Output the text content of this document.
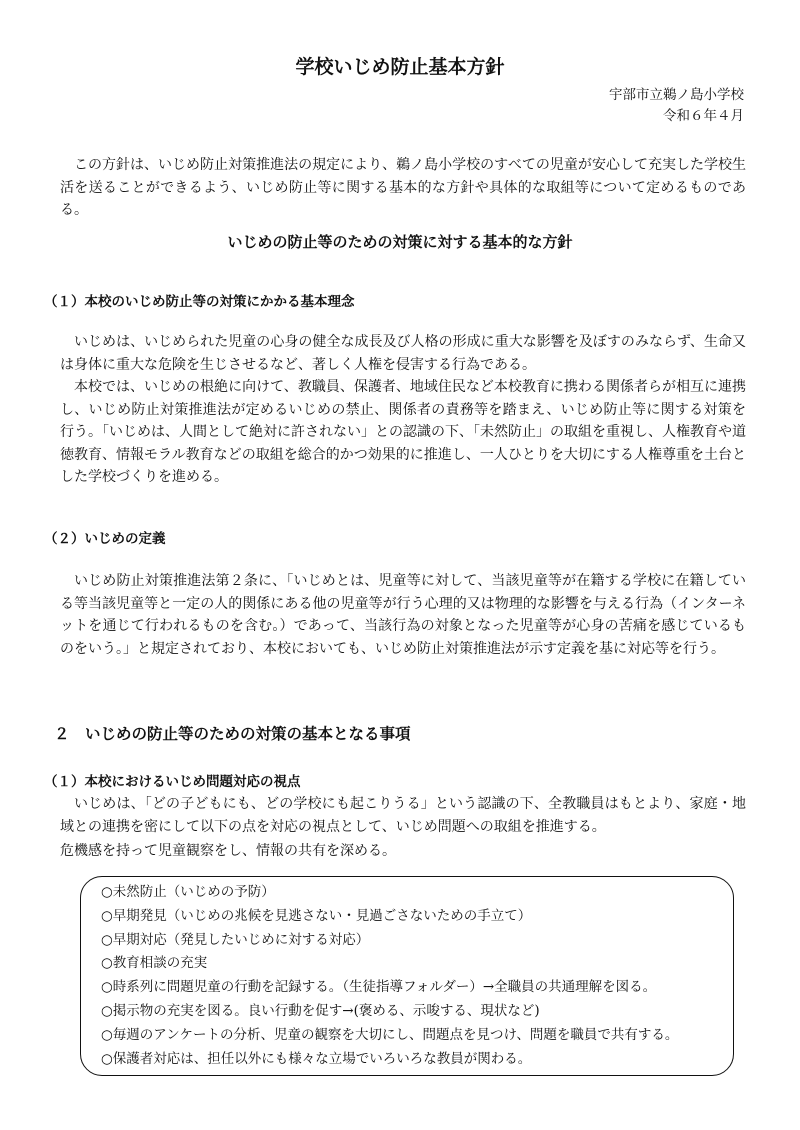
学校いじめ防止基本方針
宇部市立鵜ノ島小学校
令和６年４月

この方針は、いじめ防止対策推進法の規定により、鵜ノ島小学校のすべての児童が安心して充実した学校生活を送ることができるよう、いじめ防止等に関する基本的な方針や具体的な取組等について定めるものである。

いじめの防止等のための対策に対する基本的な方針
（１）本校のいじめ防止等の対策にかかる基本理念

いじめは、いじめられた児童の心身の健全な成長及び人格の形成に重大な影響を及ぼすのみならず、生命又は身体に重大な危険を生じさせるなど、著しく人権を侵害する行為である。

本校では、いじめの根絶に向けて、教職員、保護者、地域住民など本校教育に携わる関係者らが相互に連携し、いじめ防止対策推進法が定めるいじめの禁止、関係者の責務等を踏まえ、いじめ防止等に関する対策を行う。「いじめは、人間として絶対に許されない」との認識の下、「未然防止」の取組を重視し、人権教育や道徳教育、情報モラル教育などの取組を総合的かつ効果的に推進し、一人ひとりを大切にする人権尊重を土台とした学校づくりを進める。

（２）いじめの定義

いじめ防止対策推進法第２条に、「いじめとは、児童等に対して、当該児童等が在籍する学校に在籍している等当該児童等と一定の人的関係にある他の児童等が行う心理的又は物理的な影響を与える行為（インターネットを通じて行われるものを含む。）であって、当該行為の対象となった児童等が心身の苦痛を感じているものをいう。」と規定されており、本校においても、いじめ防止対策推進法が示す定義を基に対応等を行う。

２　いじめの防止等のための対策の基本となる事項
（１）本校におけるいじめ問題対応の視点

いじめは、「どの子どもにも、どの学校にも起こりうる」という認識の下、全教職員はもとより、家庭・地域との連携を密にして以下の点を対応の視点として、いじめ問題への取組を推進する。

危機感を持って児童観察をし、情報の共有を深める。

○未然防止（いじめの予防）
○早期発見（いじめの兆候を見逃さない・見過ごさないための手立て）
○早期対応（発見したいじめに対する対応）
○教育相談の充実
○時系列に問題児童の行動を記録する。（生徒指導フォルダー）→全職員の共通理解を図る。
○掲示物の充実を図る。良い行動を促す→(褒める、示唆する、現状など)
○毎週のアンケートの分析、児童の観察を大切にし、問題点を見つけ、問題を職員で共有する。
○保護者対応は、担任以外にも様々な立場でいろいろな教員が関わる。
